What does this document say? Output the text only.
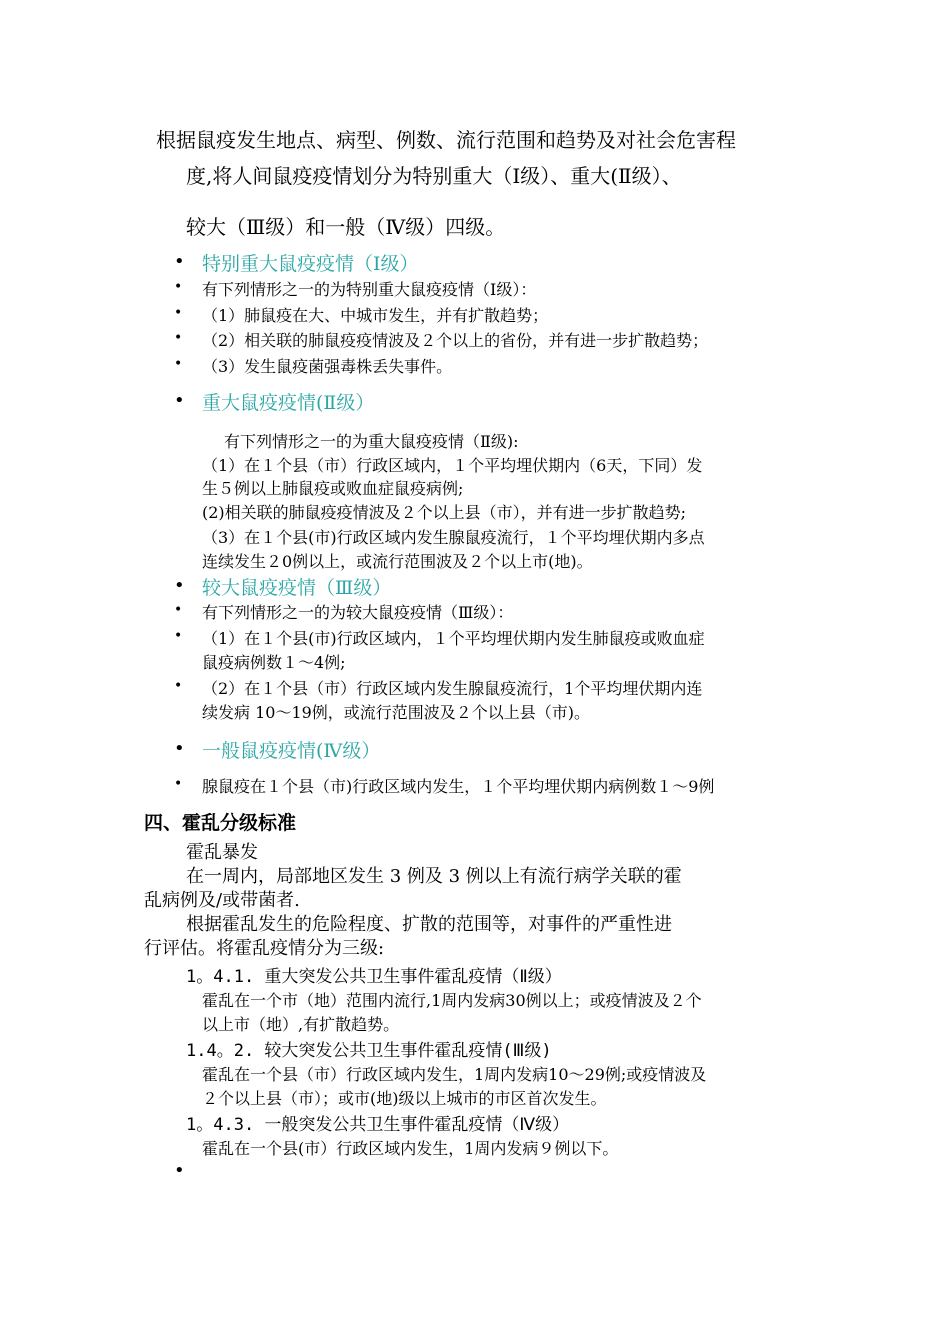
根据鼠疫发生地点、病型、例数、流行范围和趋势及对社会危害程
度,将人间鼠疫疫情划分为特别重大（Ⅰ级）、重大(Ⅱ级）、
较大（Ⅲ级）和一般（Ⅳ级）四级。
• 特别重大鼠疫疫情（Ⅰ级）
• 有下列情形之一的为特别重大鼠疫疫情（Ⅰ级）：
• （1）肺鼠疫在大、中城市发生，并有扩散趋势；
• （2）相关联的肺鼠疫疫情波及２个以上的省份，并有进一步扩散趋势；
• （3）发生鼠疫菌强毒株丢失事件。
• 重大鼠疫疫情(Ⅱ级）
有下列情形之一的为重大鼠疫疫情（Ⅱ级):
（1）在１个县（市）行政区域内，１个平均埋伏期内（6天，下同）发
生５例以上肺鼠疫或败血症鼠疫病例;
(2)相关联的肺鼠疫疫情波及２个以上县（市），并有进一步扩散趋势;
（3）在１个县(市)行政区域内发生腺鼠疫流行，１个平均埋伏期内多点
连续发生２0例以上，或流行范围波及２个以上市(地)。
• 较大鼠疫疫情（Ⅲ级）
• 有下列情形之一的为较大鼠疫疫情（Ⅲ级）：
• （1）在１个县(市)行政区域内，１个平均埋伏期内发生肺鼠疫或败血症
鼠疫病例数１～4例;
• （2）在１个县（市）行政区域内发生腺鼠疫流行，1个平均埋伏期内连
续发病 10～19例，或流行范围波及２个以上县（市)。
• 一般鼠疫疫情(Ⅳ级）
• 腺鼠疫在１个县（市)行政区域内发生，１个平均埋伏期内病例数１～9例
四、霍乱分级标准
霍乱暴发
在一周内，局部地区发生 3 例及 3 例以上有流行病学关联的霍
乱病例及/或带菌者.
根据霍乱发生的危险程度、扩散的范围等，对事件的严重性进
行评估。将霍乱疫情分为三级:
1。4.1. 重大突发公共卫生事件霍乱疫情（Ⅱ级）
霍乱在一个市（地）范围内流行,1周内发病30例以上；或疫情波及２个
以上市（地）,有扩散趋势。
1.4。2. 较大突发公共卫生事件霍乱疫情(Ⅲ级)
霍乱在一个县（市）行政区域内发生，1周内发病10～29例;或疫情波及
２个以上县（市）；或市(地)级以上城市的市区首次发生。
1。4.3. 一般突发公共卫生事件霍乱疫情（Ⅳ级）
霍乱在一个县(市）行政区域内发生，1周内发病９例以下。
•
